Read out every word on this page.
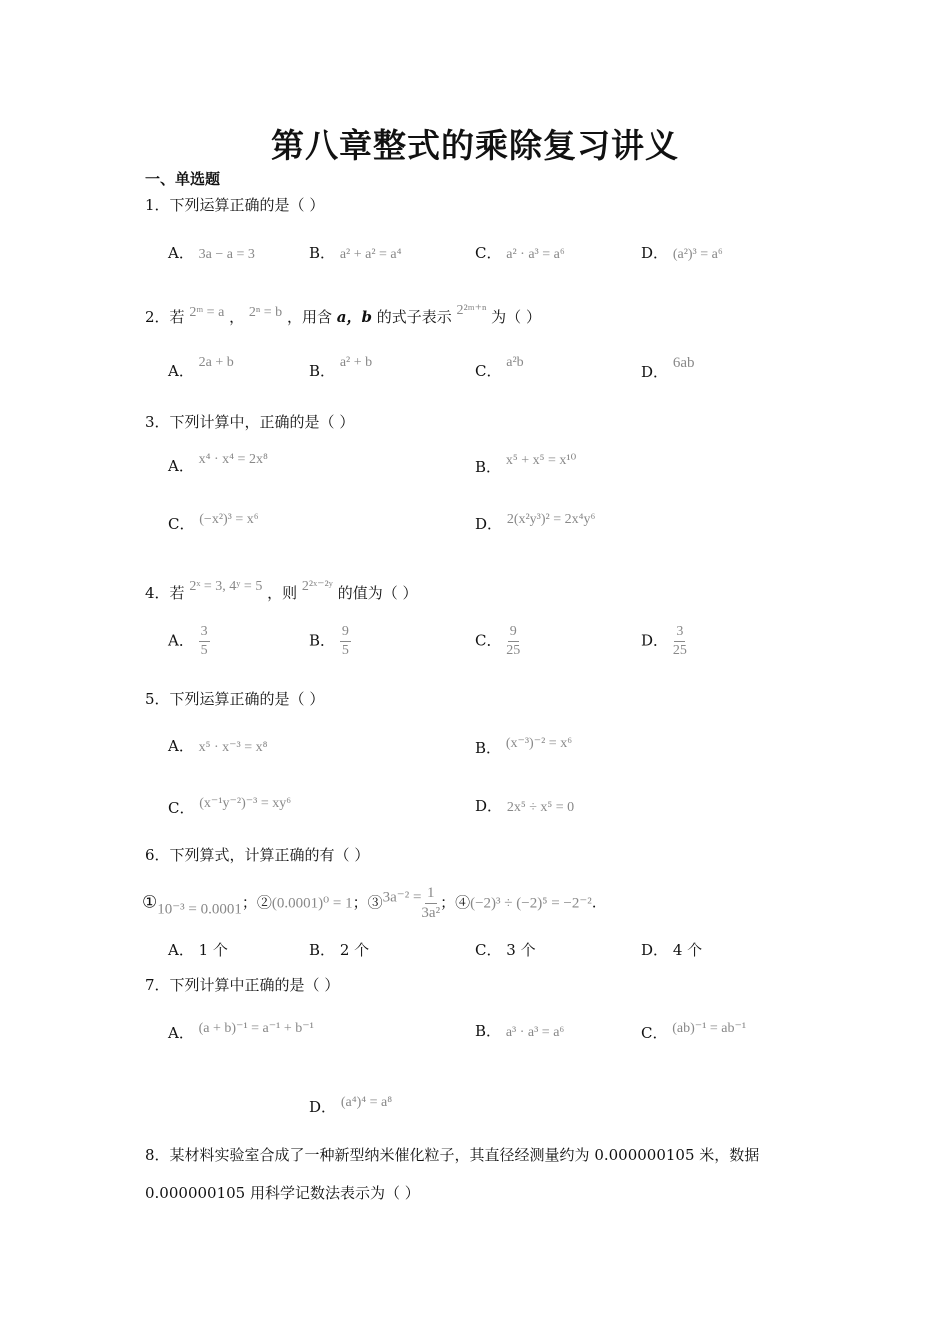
第八章整式的乘除复习讲义
一、单选题
1．下列运算正确的是（ ）
A． 3a − a = 3	B． a² + a² = a⁴	C． a² · a³ = a⁶	D． (a²)³ = a⁶
2．若 2ᵐ = a ， 2ⁿ = b ，用含 a，b 的式子表示 2²ᵐ⁺ⁿ 为（ ）
A． 2a + b	B． a² + b	C． a²b
D． 6ab
3．下列计算中，正确的是（ ）
A． x⁴ · x⁴ = 2x⁸	B． x⁵ + x⁵ = x¹⁰
C． (−x²)³ = x⁶	D． 2(x²y³)² = 2x⁴y⁶
4．若 2ˣ = 3, 4ʸ = 5 ，则 2²ˣ⁻²ʸ 的值为（ ）
A． $\frac{3}{5}$	B． $\frac{9}{5}$	C． $\frac{9}{25}$	D． $\frac{3}{25}$
5．下列运算正确的是（ ）
A． x⁵ · x⁻³ = x⁸	B． (x⁻³)⁻² = x⁶
C． (x⁻¹y⁻²)⁻³ = xy⁶	D． 2x⁵ ÷ x⁵ = 0
6．下列算式，计算正确的有（ ）
①10⁻³ = 0.0001；②(0.0001)⁰ = 1；③3a⁻² = $\frac{1}{\text{3a²}}$ ；④(−2)³ ÷ (−2)⁵ = −2⁻².
A． 1 个	B． 2 个	C． 3 个	D． 4 个
7．下列计算中正确的是（ ）
A． (a + b)⁻¹ = a⁻¹ + b⁻¹	B． a³ · a³ = a⁶	C． (ab)⁻¹ = ab⁻¹
D． (a⁴)⁴ = a⁸
8．某材料实验室合成了一种新型纳米催化粒子，其直径经测量约为 0.000000105 米，数据
0.000000105 用科学记数法表示为（ ）
